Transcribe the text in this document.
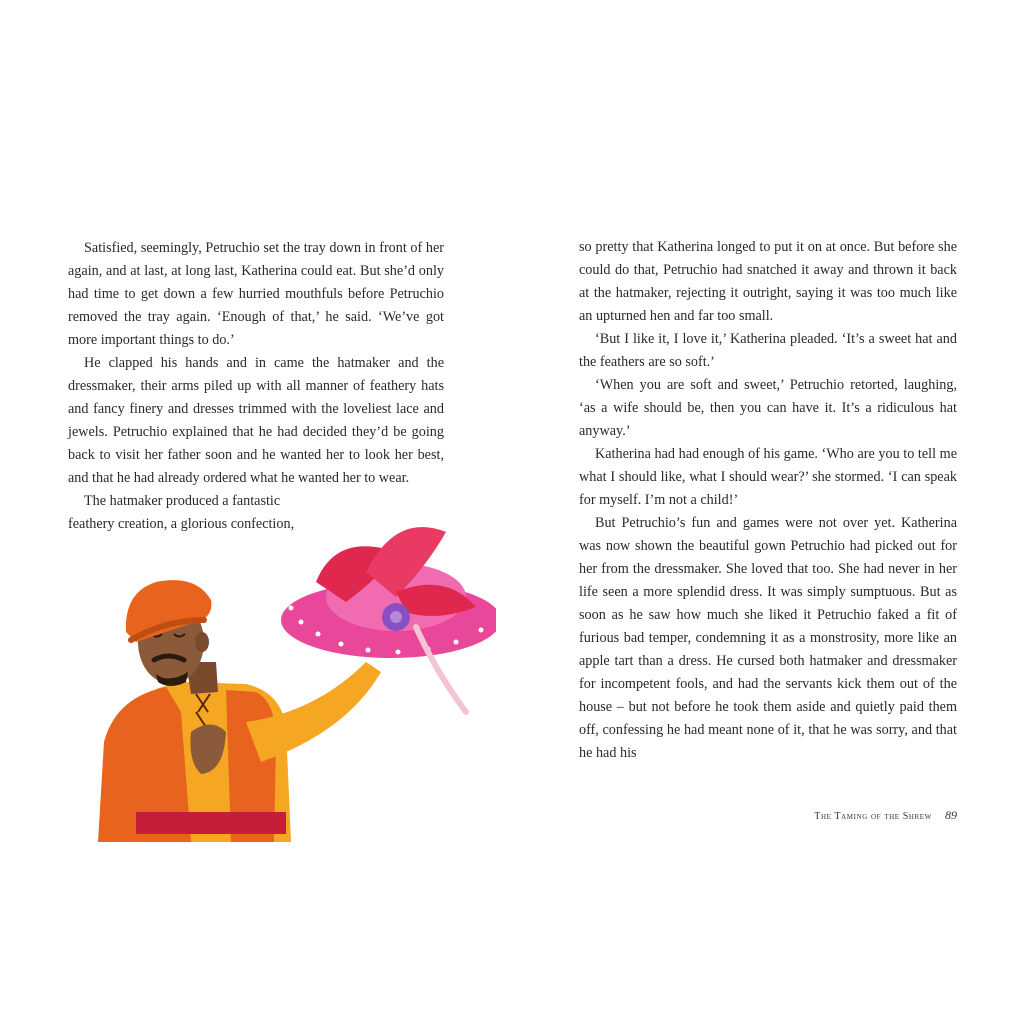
Satisfied, seemingly, Petruchio set the tray down in front of her again, and at last, at long last, Katherina could eat. But she’d only had time to get down a few hurried mouthfuls before Petruchio removed the tray again. ‘Enough of that,’ he said. ‘We’ve got more important things to do.’

He clapped his hands and in came the hatmaker and the dressmaker, their arms piled up with all manner of feathery hats and fancy finery and dresses trimmed with the loveliest lace and jewels. Petruchio explained that he had decided they’d be going back to visit her father soon and he wanted her to look her best, and that he had already ordered what he wanted her to wear.

The hatmaker produced a fantastic

feathery creation, a glorious confection,

so pretty that Katherina longed to put it on at once. But before she could do that, Petruchio had snatched it away and thrown it back at the hatmaker, rejecting it outright, saying it was too much like an upturned hen and far too small.

‘But I like it, I love it,’ Katherina pleaded. ‘It’s a sweet hat and the feathers are so soft.’

‘When you are soft and sweet,’ Petruchio retorted, laughing, ‘as a wife should be, then you can have it. It’s a ridiculous hat anyway.’

Katherina had had enough of his game. ‘Who are you to tell me what I should like, what I should wear?’ she stormed. ‘I can speak for myself. I’m not a child!’

But Petruchio’s fun and games were not over yet. Katherina was now shown the beautiful gown Petruchio had picked out for her from the dressmaker. She loved that too. She had never in her life seen a more splendid dress. It was simply sumptuous. But as soon as he saw how much she liked it Petruchio faked a fit of furious bad temper, condemning it as a monstrosity, more like an apple tart than a dress. He cursed both hatmaker and dressmaker for incompetent fools, and had the servants kick them out of the house – but not before he took them aside and quietly paid them off, confessing he had meant none of it, that he was sorry, and that he had his

The Taming of the Shrew 89
